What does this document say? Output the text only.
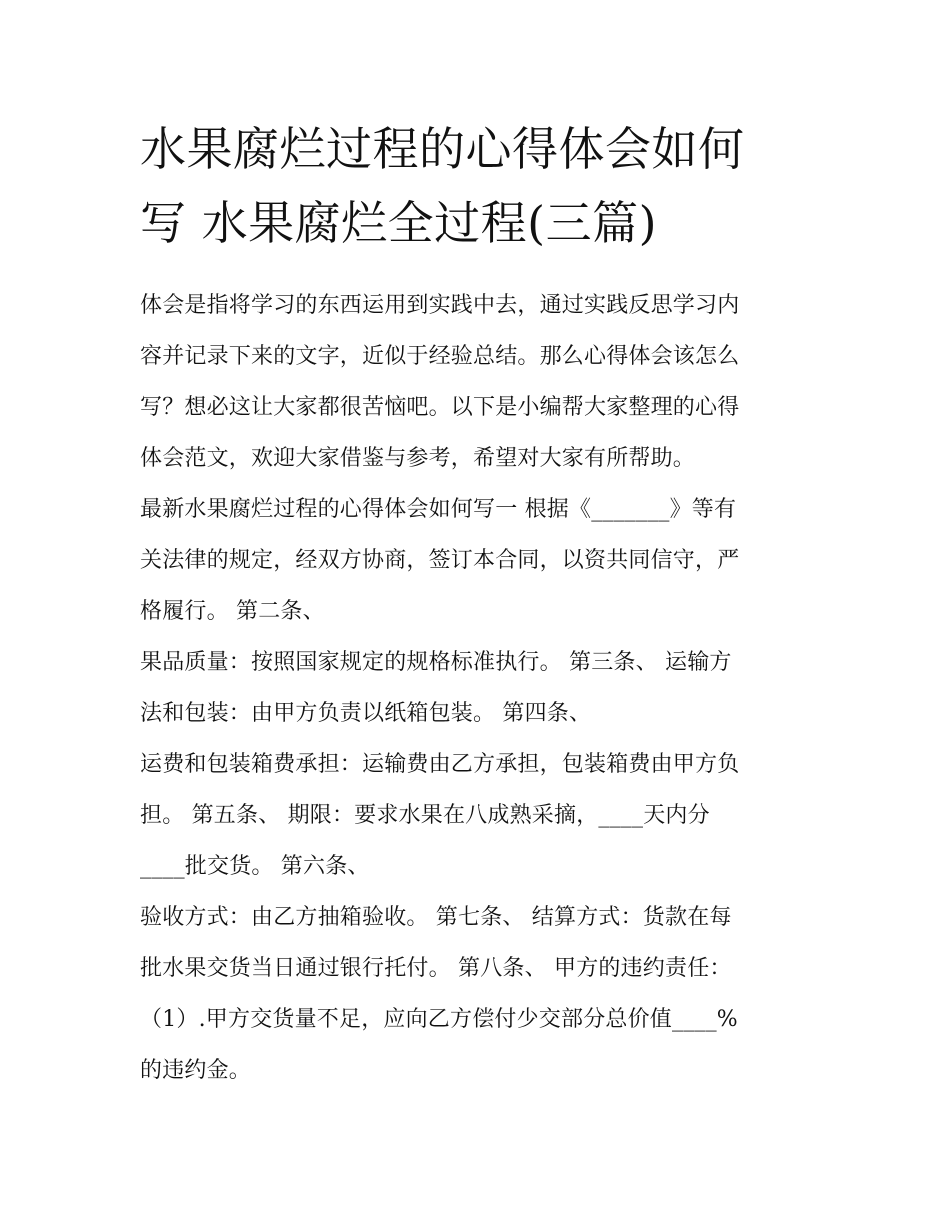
水果腐烂过程的心得体会如何
写 水果腐烂全过程(三篇)
体会是指将学习的东西运用到实践中去，通过实践反思学习内
容并记录下来的文字，近似于经验总结。那么心得体会该怎么
写？想必这让大家都很苦恼吧。以下是小编帮大家整理的心得
体会范文，欢迎大家借鉴与参考，希望对大家有所帮助。
最新水果腐烂过程的心得体会如何写一 根据《_______》等有
关法律的规定，经双方协商，签订本合同，以资共同信守，严
格履行。 第二条、
果品质量：按照国家规定的规格标准执行。 第三条、 运输方
法和包装：由甲方负责以纸箱包装。 第四条、
运费和包装箱费承担：运输费由乙方承担，包装箱费由甲方负
担。 第五条、 期限：要求水果在八成熟采摘，____天内分
____批交货。 第六条、
验收方式：由乙方抽箱验收。 第七条、 结算方式：货款在每
批水果交货当日通过银行托付。 第八条、 甲方的违约责任：
（1）.甲方交货量不足，应向乙方偿付少交部分总价值____%
的违约金。
